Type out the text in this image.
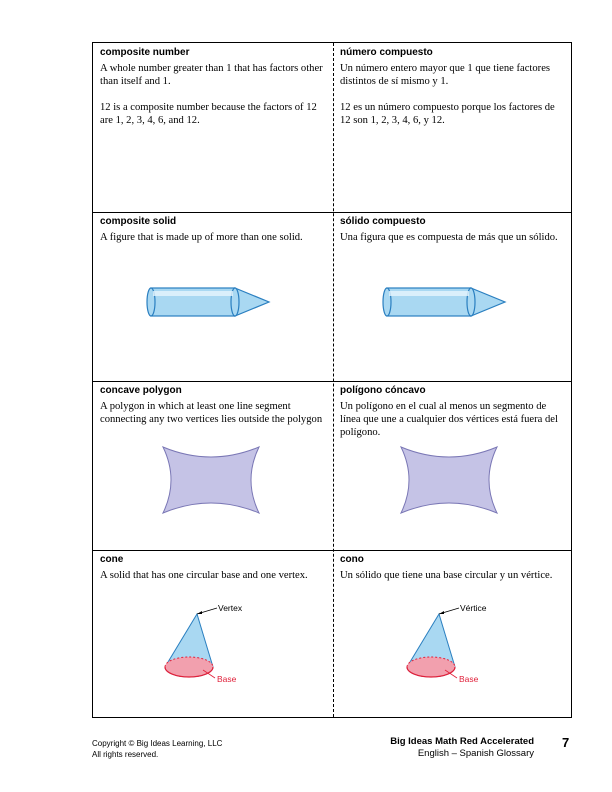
composite number

A whole number greater than 1 that has factors other than itself and 1.

12 is a composite number because the factors of 12 are 1, 2, 3, 4, 6, and 12.

número compuesto

Un número entero mayor que 1 que tiene factores distintos de sí mismo y 1.

12 es un número compuesto porque los factores de 12 son 1, 2, 3, 4, 6, y 12.

composite solid

A figure that is made up of more than one solid.

sólido compuesto

Una figura que es compuesta de más que un sólido.

concave polygon

A polygon in which at least one line segment connecting any two vertices lies outside the polygon

polígono cóncavo

Un polígono en el cual al menos un segmento de línea que une a cualquier dos vértices está fuera del polígono.

cone

A solid that has one circular base and one vertex.

Vertex
Base
cono

Un sólido que tiene una base circular y un vértice.

Vértice
Base
Copyright © Big Ideas Learning, LLC
All rights reserved.
Big Ideas Math Red Accelerated
English – Spanish Glossary
7
